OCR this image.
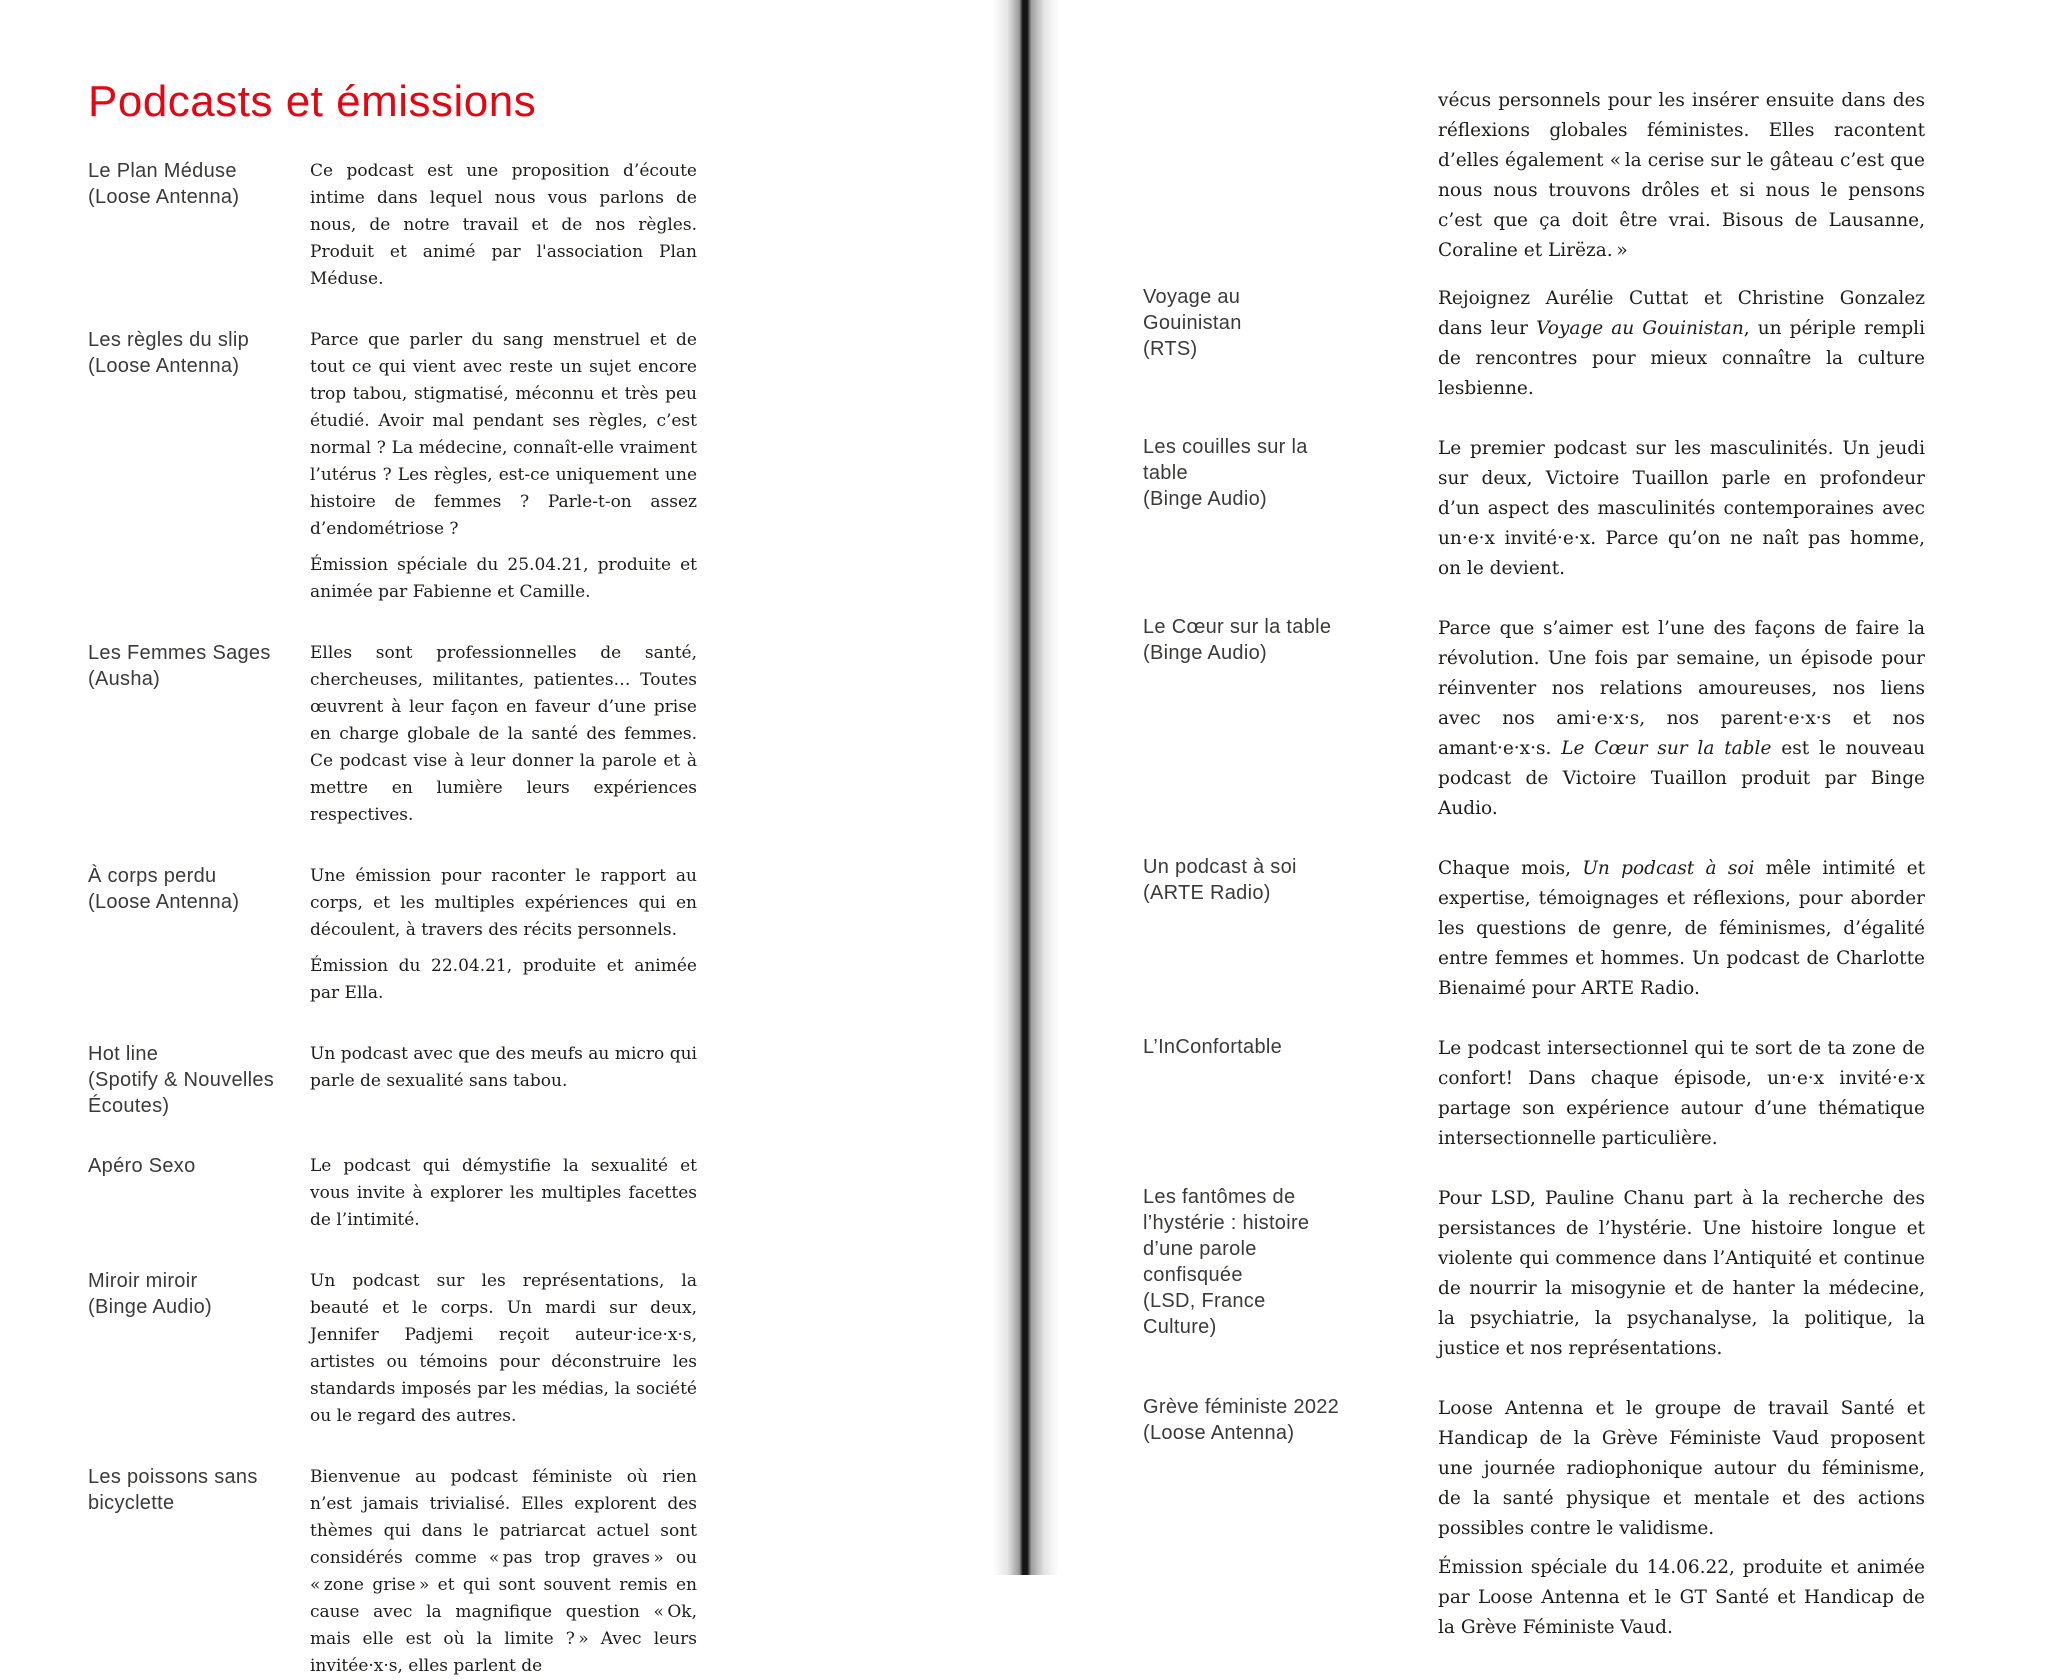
Podcasts et émissions
Le Plan Méduse
(Loose Antenna)

Ce podcast est une proposition d’écoute intime dans lequel nous vous parlons de nous, de notre travail et de nos règles. Produit et animé par l'association Plan Méduse.

Les règles du slip
(Loose Antenna)

Parce que parler du sang menstruel et de tout ce qui vient avec reste un sujet encore trop tabou, stigmatisé, méconnu et très peu étudié. Avoir mal pendant ses règles, c’est normal ? La médecine, connaît-elle vraiment l’utérus ? Les règles, est-ce uniquement une histoire de femmes ? Parle-t-on assez d’endométriose ?

Émission spéciale du 25.04.21, produite et animée par Fabienne et Camille.

Les Femmes Sages
(Ausha)

Elles sont professionnelles de santé, chercheuses, militantes, patientes… Toutes œuvrent à leur façon en faveur d’une prise en charge globale de la santé des femmes. Ce podcast vise à leur donner la parole et à mettre en lumière leurs expériences respectives.

À corps perdu
(Loose Antenna)

Une émission pour raconter le rapport au corps, et les multiples expériences qui en découlent, à travers des récits personnels.

Émission du 22.04.21, produite et animée par Ella.

Hot line
(Spotify & Nouvelles Écoutes)

Un podcast avec que des meufs au micro qui parle de sexualité sans tabou.

Apéro Sexo	Le podcast qui démystifie la sexualité et vous invite à explorer les multiples facettes de l’intimité.

Miroir miroir
(Binge Audio)

Un podcast sur les représentations, la beauté et le corps. Un mardi sur deux, Jennifer Padjemi reçoit auteur·ice·x·s, artistes ou témoins pour déconstruire les standards imposés par les médias, la société ou le regard des autres.

Les poissons sans bicyclette

Bienvenue au podcast féministe où rien n’est jamais trivialisé. Elles explorent des thèmes qui dans le patriarcat actuel sont considérés comme « pas trop graves » ou « zone grise » et qui sont souvent remis en cause avec la magnifique question « Ok, mais elle est où la limite ? » Avec leurs invitée·x·s, elles parlent de

vécus personnels pour les insérer ensuite dans des réflexions globales féministes. Elles racontent d’elles également « la cerise sur le gâteau c’est que nous nous trouvons drôles et si nous le pensons c’est que ça doit être vrai. Bisous de Lausanne, Coraline et Lirëza. »

Voyage au Gouinistan
(RTS)

Rejoignez Aurélie Cuttat et Christine Gonzalez dans leur Voyage au Gouinistan, un périple rempli de rencontres pour mieux connaître la culture lesbienne.

Les couilles sur la table
(Binge Audio)

Le premier podcast sur les masculinités. Un jeudi sur deux, Victoire Tuaillon parle en profondeur d’un aspect des masculinités contemporaines avec un·e·x invité·e·x. Parce qu’on ne naît pas homme, on le devient.

Le Cœur sur la table
(Binge Audio)

Parce que s’aimer est l’une des façons de faire la révolution. Une fois par semaine, un épisode pour réinventer nos relations amoureuses, nos liens avec nos ami·e·x·s, nos parent·e·x·s et nos amant·e·x·s. Le Cœur sur la table est le nouveau podcast de Victoire Tuaillon produit par Binge Audio.

Un podcast à soi
(ARTE Radio)

Chaque mois, Un podcast à soi mêle intimité et expertise, témoignages et réflexions, pour aborder les questions de genre, de féminismes, d’égalité entre femmes et hommes. Un podcast de Charlotte Bienaimé pour ARTE Radio.

L’InConfortable	Le podcast intersectionnel qui te sort de ta zone de confort! Dans chaque épisode, un·e·x invité·e·x partage son expérience autour d’une thématique intersectionnelle particulière.

Les fantômes de l’hystérie : histoire d’une parole confisquée
(LSD, France Culture)

Pour LSD, Pauline Chanu part à la recherche des persistances de l’hystérie. Une histoire longue et violente qui commence dans l’Antiquité et continue de nourrir la misogynie et de hanter la médecine, la psychiatrie, la psychanalyse, la politique, la justice et nos représentations.

Grève féministe 2022
(Loose Antenna)

Loose Antenna et le groupe de travail Santé et Handicap de la Grève Féministe Vaud proposent une journée radiophonique autour du féminisme, de la santé physique et mentale et des actions possibles contre le validisme.

Émission spéciale du 14.06.22, produite et animée par Loose Antenna et le GT Santé et Handicap de la Grève Féministe Vaud.
